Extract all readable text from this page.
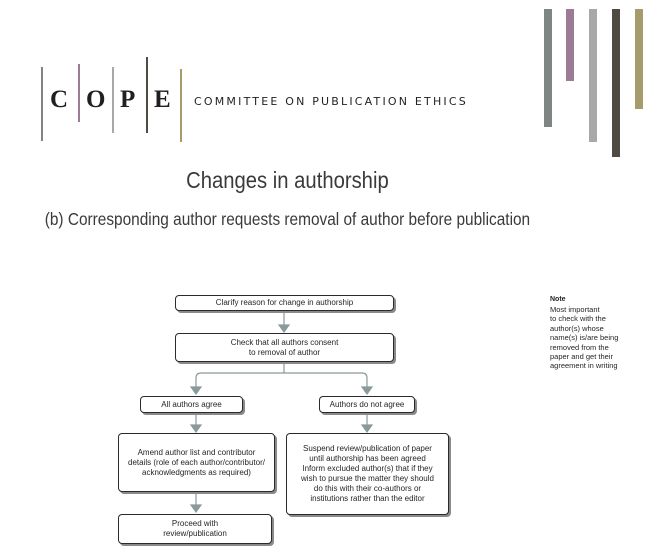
C O P E COMMITTEE ON PUBLICATION ETHICS
Changes in authorship
(b) Corresponding author requests removal of author before publication
Clarify reason for change in authorship
Check that all authors consent
to removal of author
All authors agree	Authors do not agree
Amend author list and contributor
details (role of each author/contributor/
acknowledgments as required)
Suspend review/publication of paper
until authorship has been agreed
Inform excluded author(s) that if they
wish to pursue the matter they should
do this with their co-authors or
institutions rather than the editor
Proceed with
review/publication
Note
Most important
to check with the
author(s) whose
name(s) is/are being
removed from the
paper and get their
agreement in writing
